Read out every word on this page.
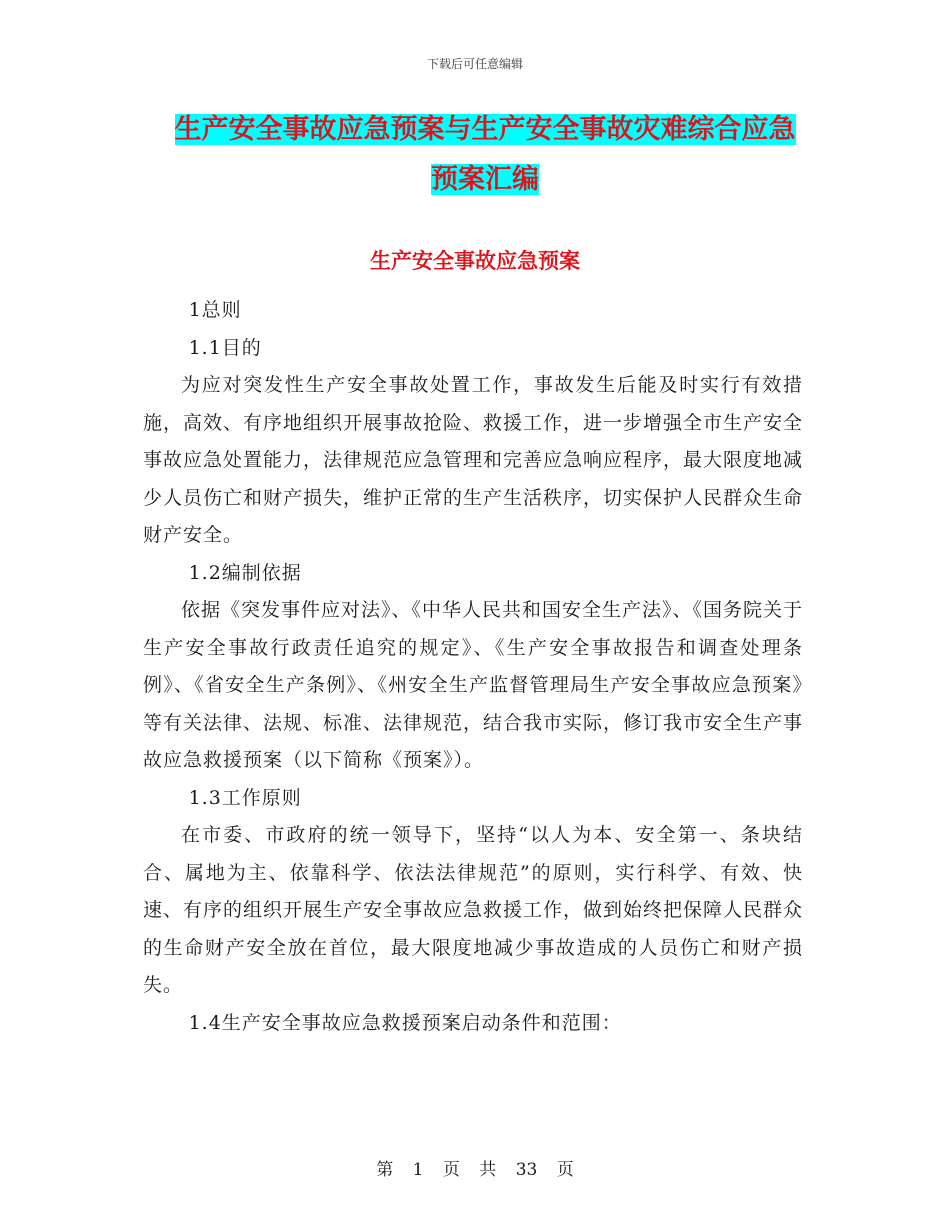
下载后可任意编辑
生产安全事故应急预案与生产安全事故灾难综合应急
预案汇编
生产安全事故应急预案

1总则

1.1目的

为应对突发性生产安全事故处置工作，事故发生后能及时实行有效措施，高效、有序地组织开展事故抢险、救援工作，进一步增强全市生产安全事故应急处置能力，法律规范应急管理和完善应急响应程序，最大限度地减少人员伤亡和财产损失，维护正常的生产生活秩序，切实保护人民群众生命财产安全。

1.2编制依据

依据《突发事件应对法》、《中华人民共和国安全生产法》、《国务院关于生产安全事故行政责任追究的规定》、《生产安全事故报告和调查处理条例》、《省安全生产条例》、《州安全生产监督管理局生产安全事故应急预案》等有关法律、法规、标准、法律规范，结合我市实际，修订我市安全生产事故应急救援预案（以下简称《预案》）。

1.3工作原则

在市委、市政府的统一领导下，坚持“以人为本、安全第一、条块结合、属地为主、依靠科学、依法法律规范”的原则，实行科学、有效、快速、有序的组织开展生产安全事故应急救援工作，做到始终把保障人民群众的生命财产安全放在首位，最大限度地减少事故造成的人员伤亡和财产损失。

1.4生产安全事故应急救援预案启动条件和范围：

第 1 页 共 33 页
